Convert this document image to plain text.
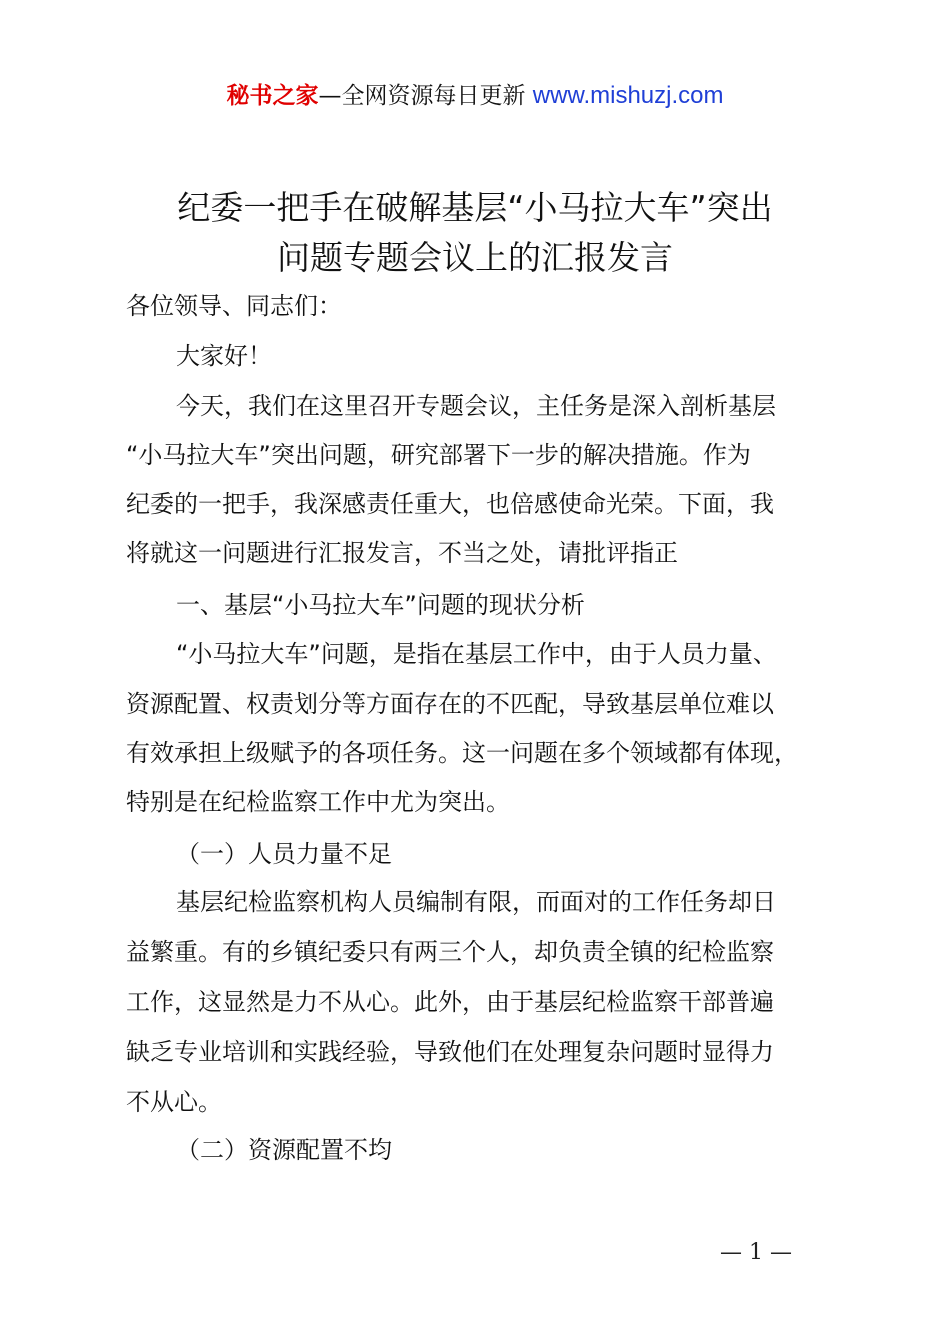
秘书之家—全网资源每日更新 www.mishuzj.com
纪委一把手在破解基层“小马拉大车”突出
问题专题会议上的汇报发言
各位领导、同志们：
大家好！
今天，我们在这里召开专题会议，主任务是深入剖析基层
“小马拉大车”突出问题，研究部署下一步的解决措施。作为
纪委的一把手，我深感责任重大，也倍感使命光荣。下面，我
将就这一问题进行汇报发言，不当之处，请批评指正
一、基层“小马拉大车”问题的现状分析
“小马拉大车”问题，是指在基层工作中，由于人员力量、
资源配置、权责划分等方面存在的不匹配，导致基层单位难以
有效承担上级赋予的各项任务。这一问题在多个领域都有体现，
特别是在纪检监察工作中尤为突出。
（一）人员力量不足
基层纪检监察机构人员编制有限，而面对的工作任务却日
益繁重。有的乡镇纪委只有两三个人，却负责全镇的纪检监察
工作，这显然是力不从心。此外，由于基层纪检监察干部普遍
缺乏专业培训和实践经验，导致他们在处理复杂问题时显得力
不从心。
（二）资源配置不均
— 1 —
